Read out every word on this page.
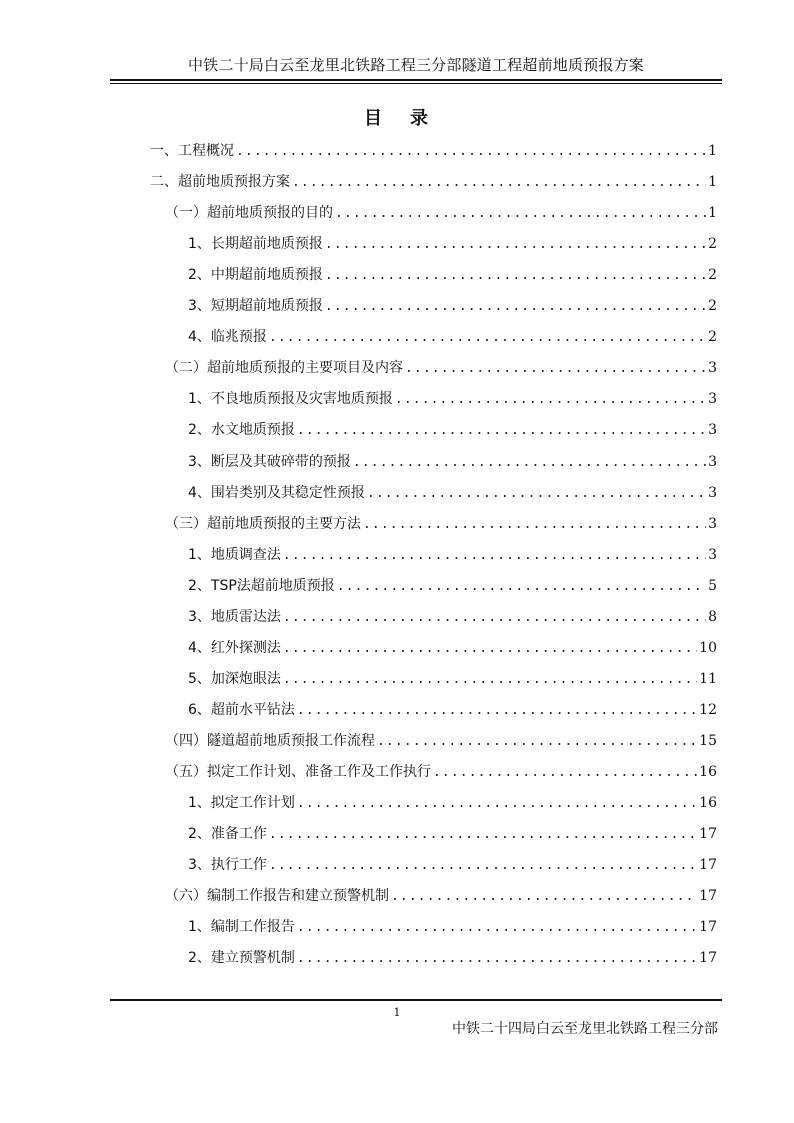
中铁二十局白云至龙里北铁路工程三分部隧道工程超前地质预报方案
目 录
一、工程概况 .....	1
二、超前地质预报方案 .....	1
（一）超前地质预报的目的 .....	1
1、长期超前地质预报 .....	2
2、中期超前地质预报 .....	2
3、短期超前地质预报 .....	2
4、临兆预报 .....	2
（二）超前地质预报的主要项目及内容 .....	3
1、不良地质预报及灾害地质预报 .....	3
2、水文地质预报 .....	3
3、断层及其破碎带的预报 .....	3
4、围岩类别及其稳定性预报 .....	3
（三）超前地质预报的主要方法 .....	3
1、地质调查法 .....	3
2、TSP法超前地质预报 .....	5
3、地质雷达法 .....	8
4、红外探测法 .....	10
5、加深炮眼法 .....	11
6、超前水平钻法 .....	12
（四）隧道超前地质预报工作流程 .....	15
（五）拟定工作计划、准备工作及工作执行 .....	16
1、拟定工作计划 .....	16
2、准备工作 .....	17
3、执行工作 .....	17
（六）编制工作报告和建立预警机制 .....	17
1、编制工作报告 .....	17
2、建立预警机制 .....	17
1
中铁二十四局白云至龙里北铁路工程三分部
